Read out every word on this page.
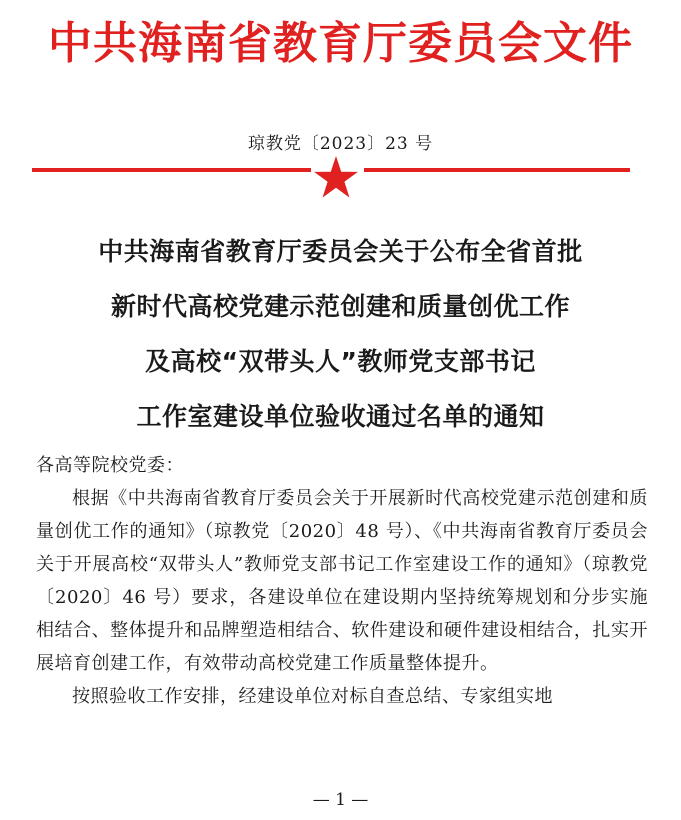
中共海南省教育厅委员会文件
琼教党〔2023〕23 号
中共海南省教育厅委员会关于公布全省首批
新时代高校党建示范创建和质量创优工作
及高校“双带头人”教师党支部书记
工作室建设单位验收通过名单的通知

各高等院校党委：

根据《中共海南省教育厅委员会关于开展新时代高校党建示范创建和质量创优工作的通知》（琼教党〔2020〕48 号）、《中共海南省教育厅委员会关于开展高校“双带头人”教师党支部书记工作室建设工作的通知》（琼教党〔2020〕46 号）要求，各建设单位在建设期内坚持统筹规划和分步实施相结合、整体提升和品牌塑造相结合、软件建设和硬件建设相结合，扎实开展培育创建工作，有效带动高校党建工作质量整体提升。

按照验收工作安排，经建设单位对标自查总结、专家组实地

— 1 —
